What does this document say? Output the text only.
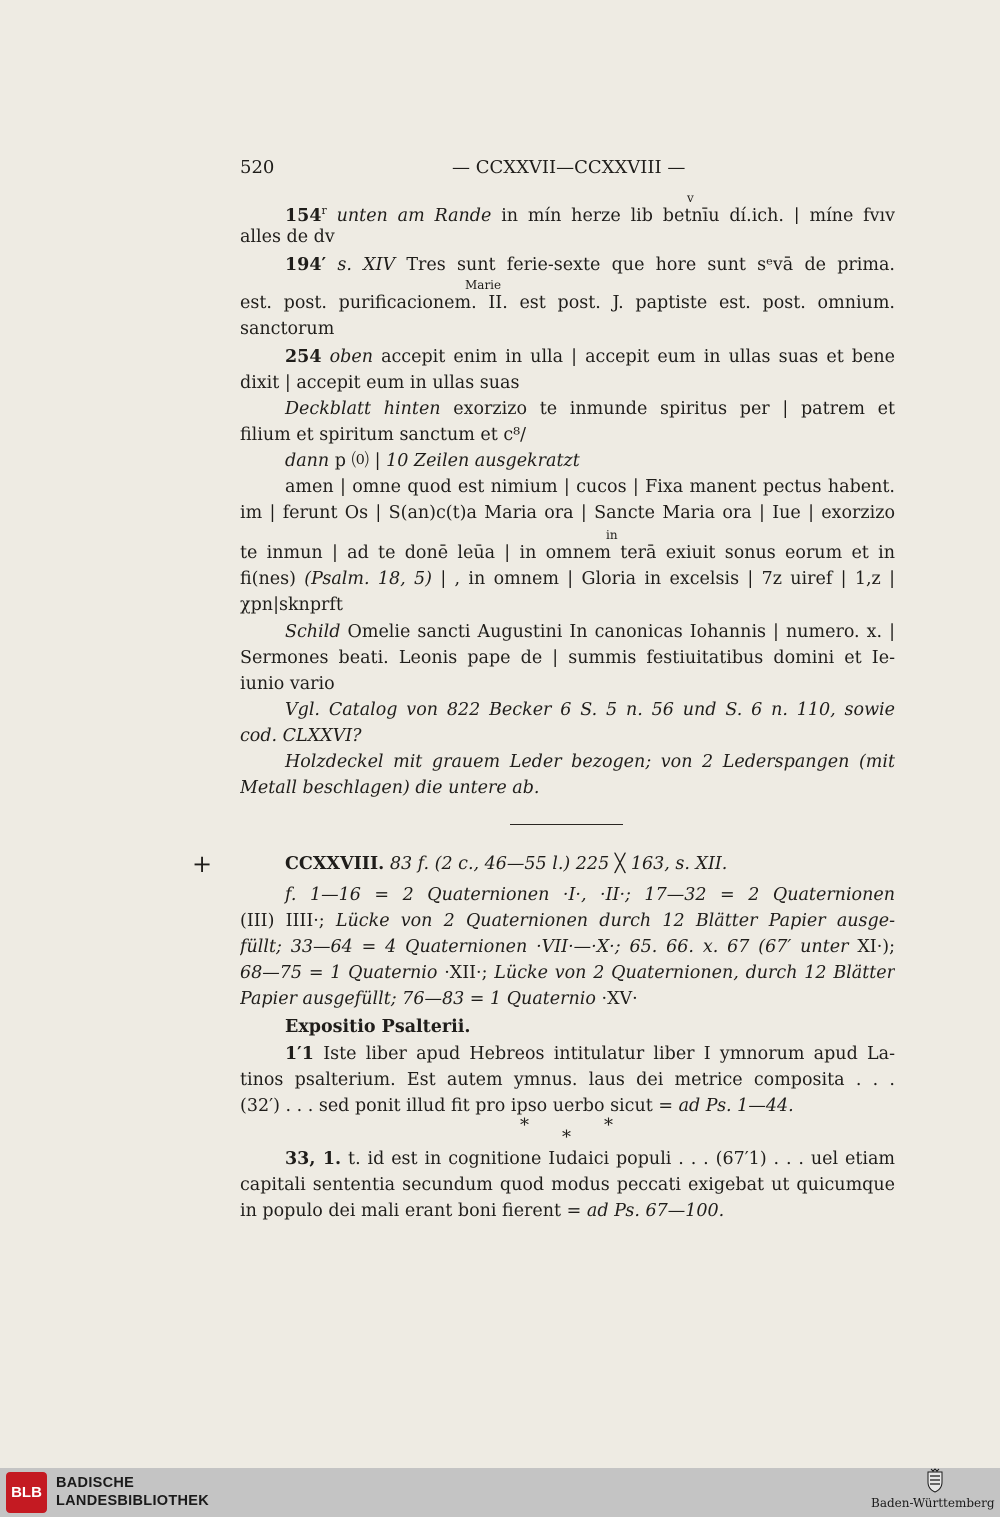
520	— CCXXVII—CCXXVIII —
154$^r$ unten am Rande in mín herze lib betnīu dí.ich. | míne fvıv
alles de dv
v
194′ s. XIV Tres sunt ferie-sexte que hore sunt sᵉvā de prima.
est. post. purificacionem. II. est post. J. paptiste est. post. omnium.
sanctorum
Marie
254 oben accepit enim in ulla | accepit eum in ullas suas et bene
dixit | accepit eum in ullas suas
Deckblatt hinten exorzizo te inmunde spiritus per | patrem et
filium et spiritum sanctum et c⁸/
dann p ⒪ | 10 Zeilen ausgekratzt
amen | omne quod est nimium | cucos | Fixa manent pectus habent.
im | ferunt Os | S(an)c(t)a Maria ora | Sancte Maria ora | Iue | exorzizo
te inmun | ad te donē leūa | in omnem terā exiuit sonus eorum et in
fi(nes) (Psalm. 18, 5) | , in omnem | Gloria in excelsis | 7z uiref | 1,z |
χpn|sknprft
in
Schild Omelie sancti Augustini In canonicas Iohannis | numero. x. |
Sermones beati. Leonis pape de | summis festiuitatibus domini et Ie-
iunio vario
Vgl. Catalog von 822 Becker 6 S. 5 n. 56 und S. 6 n. 110, sowie
cod. CLXXVI?
Holzdeckel mit grauem Leder bezogen; von 2 Lederspangen (mit
Metall beschlagen) die untere ab.
+	CCXXVIII. 83 f. (2 c., 46—55 l.) 225 ╳ 163, s. XII.
f. 1—16 = 2 Quaternionen ·I·, ·II·; 17—32 = 2 Quaternionen
(III) IIII·; Lücke von 2 Quaternionen durch 12 Blätter Papier ausge-
füllt; 33—64 = 4 Quaternionen ·VII·—·X·; 65. 66. x. 67 (67′ unter XI·);
68—75 = 1 Quaternio ·XII·; Lücke von 2 Quaternionen, durch 12 Blätter
Papier ausgefüllt; 76—83 = 1 Quaternio ·XV·
Expositio Psalterii.
1′1 Iste liber apud Hebreos intitulatur liber I ymnorum apud La-
tinos psalterium. Est autem ymnus. laus dei metrice composita . . .
(32′) . . . sed ponit illud fit pro ipso uerbo sicut = ad Ps. 1—44.
*	*
*
33, 1. t. id est in cognitione Iudaici populi . . . (67′1) . . . uel etiam
capitali sententia secundum quod modus peccati exigebat ut quicumque
in populo dei mali erant boni fierent = ad Ps. 67—100.
BLB
BADISCHE
LANDESBIBLIOTHEK	Baden-Württemberg
